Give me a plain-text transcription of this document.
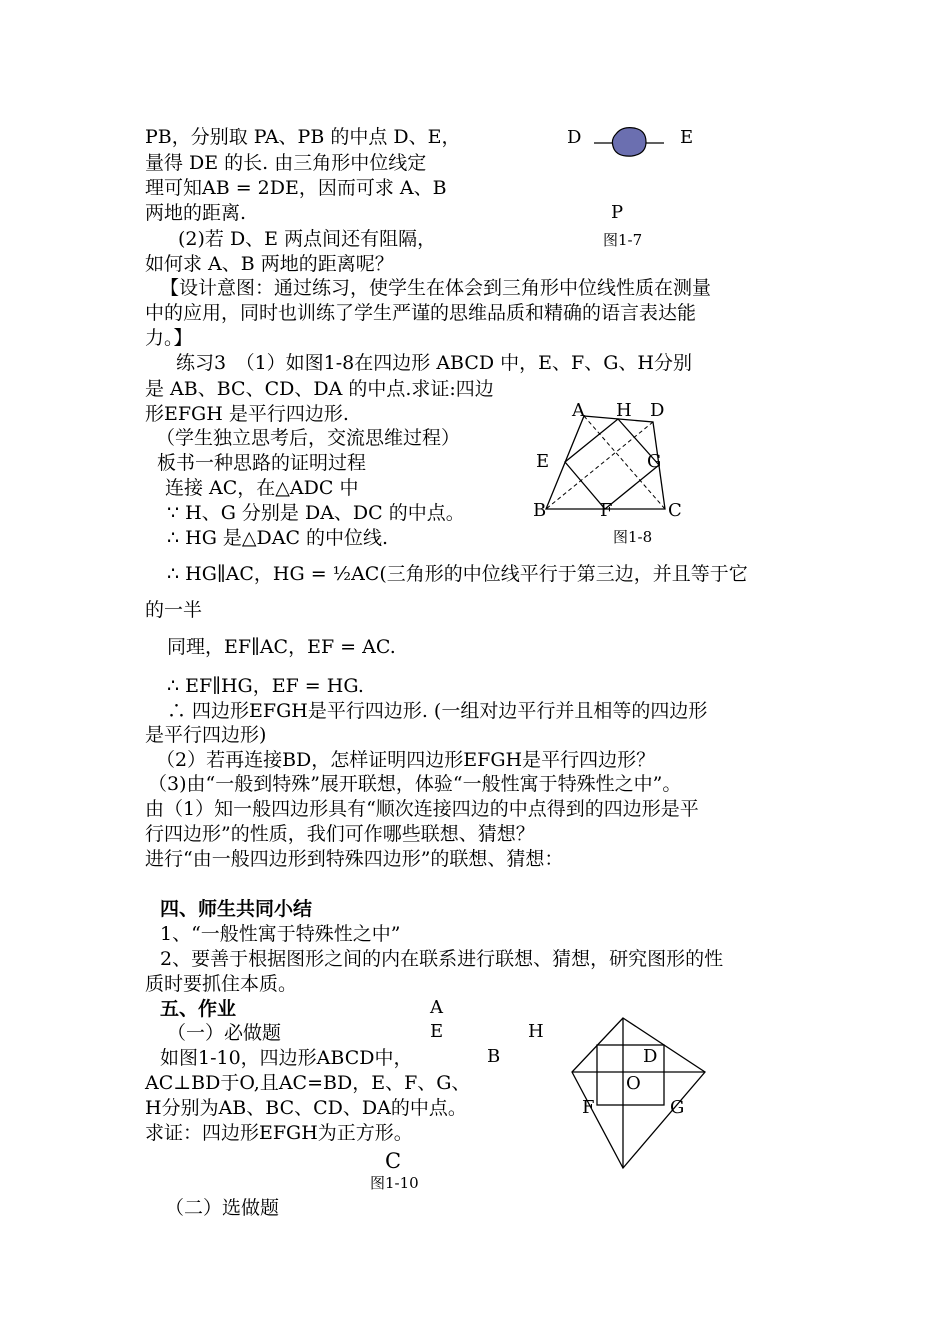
PB，分别取 PA、PB 的中点 D、E，
量得 DE 的长. 由三角形中位线定
理可知AB = 2DE，因而可求 A、B
两地的距离.
(2)若 D、E 两点间还有阻隔，
如何求 A、B 两地的距离呢？
【设计意图：通过练习，使学生在体会到三角形中位线性质在测量
中的应用，同时也训练了学生严谨的思维品质和精确的语言表达能
力。】
D	E
P
图1-7
练习3　（1）如图1-8在四边形 ABCD 中，E、F、G、H分别
是 AB、BC、CD、DA 的中点.求证:四边
形EFGH 是平行四边形.
（学生独立思考后，交流思维过程）
板书一种思路的证明过程
连接 AC，在△ADC 中
∵ H、G 分别是 DA、DC 的中点。
∴ HG 是△DAC 的中位线.
A H D
E	G
B	F	C
图1-8
∴ HG∥AC，HG = ½AC(三角形的中位线平行于第三边，并且等于它
的一半
同理，EF∥AC，EF = AC.
∴ EF∥HG，EF = HG.
∴ 四边形EFGH是平行四边形. (一组对边平行并且相等的四边形
是平行四边形)
（2）若再连接BD，怎样证明四边形EFGH是平行四边形？
（3)由“一般到特殊”展开联想，体验“一般性寓于特殊性之中”。
由（1）知一般四边形具有“顺次连接四边的中点得到的四边形是平
行四边形”的性质，我们可作哪些联想、猜想？
进行“由一般四边形到特殊四边形”的联想、猜想：
四、师生共同小结
1、“一般性寓于特殊性之中”
2、要善于根据图形之间的内在联系进行联想、猜想，研究图形的性
质时要抓住本质。
五、作业
（一）必做题
如图1-10，四边形ABCD中，
AC⊥BD于O,且AC=BD，E、F、G、
H分别为AB、BC、CD、DA的中点。
求证：四边形EFGH为正方形。
A
E	H
B
C
图1-10
D
O
F	G
（二）选做题
